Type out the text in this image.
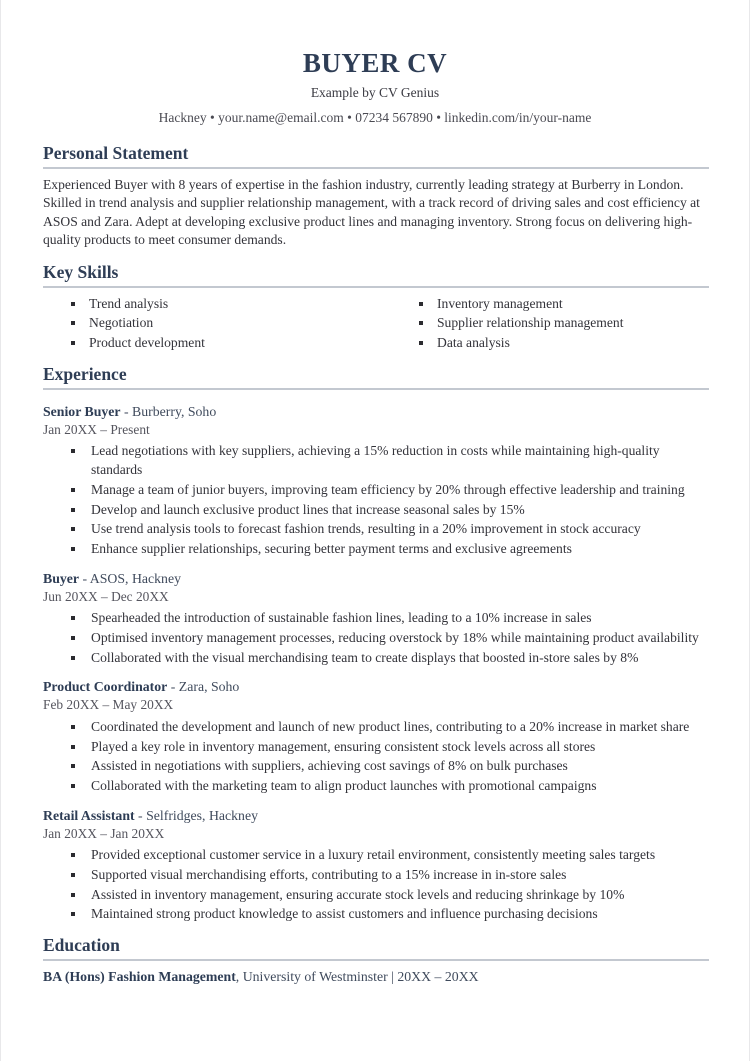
BUYER CV
Example by CV Genius
Hackney • your.name@email.com • 07234 567890 • linkedin.com/in/your-name
Personal Statement

Experienced Buyer with 8 years of expertise in the fashion industry, currently leading strategy at Burberry in London. Skilled in trend analysis and supplier relationship management, with a track record of driving sales and cost efficiency at ASOS and Zara. Adept at developing exclusive product lines and managing inventory. Strong focus on delivering high-quality products to meet consumer demands.

Key Skills
Trend analysis
Negotiation
Product development
Inventory management
Supplier relationship management
Data analysis
Experience
Senior Buyer - Burberry, Soho
Jan 20XX – Present
Lead negotiations with key suppliers, achieving a 15% reduction in costs while maintaining high-quality standards
Manage a team of junior buyers, improving team efficiency by 20% through effective leadership and training
Develop and launch exclusive product lines that increase seasonal sales by 15%
Use trend analysis tools to forecast fashion trends, resulting in a 20% improvement in stock accuracy
Enhance supplier relationships, securing better payment terms and exclusive agreements
Buyer - ASOS, Hackney
Jun 20XX – Dec 20XX
Spearheaded the introduction of sustainable fashion lines, leading to a 10% increase in sales
Optimised inventory management processes, reducing overstock by 18% while maintaining product availability
Collaborated with the visual merchandising team to create displays that boosted in-store sales by 8%
Product Coordinator - Zara, Soho
Feb 20XX – May 20XX
Coordinated the development and launch of new product lines, contributing to a 20% increase in market share
Played a key role in inventory management, ensuring consistent stock levels across all stores
Assisted in negotiations with suppliers, achieving cost savings of 8% on bulk purchases
Collaborated with the marketing team to align product launches with promotional campaigns
Retail Assistant - Selfridges, Hackney
Jan 20XX – Jan 20XX
Provided exceptional customer service in a luxury retail environment, consistently meeting sales targets
Supported visual merchandising efforts, contributing to a 15% increase in in-store sales
Assisted in inventory management, ensuring accurate stock levels and reducing shrinkage by 10%
Maintained strong product knowledge to assist customers and influence purchasing decisions
Education

BA (Hons) Fashion Management, University of Westminster | 20XX – 20XX
